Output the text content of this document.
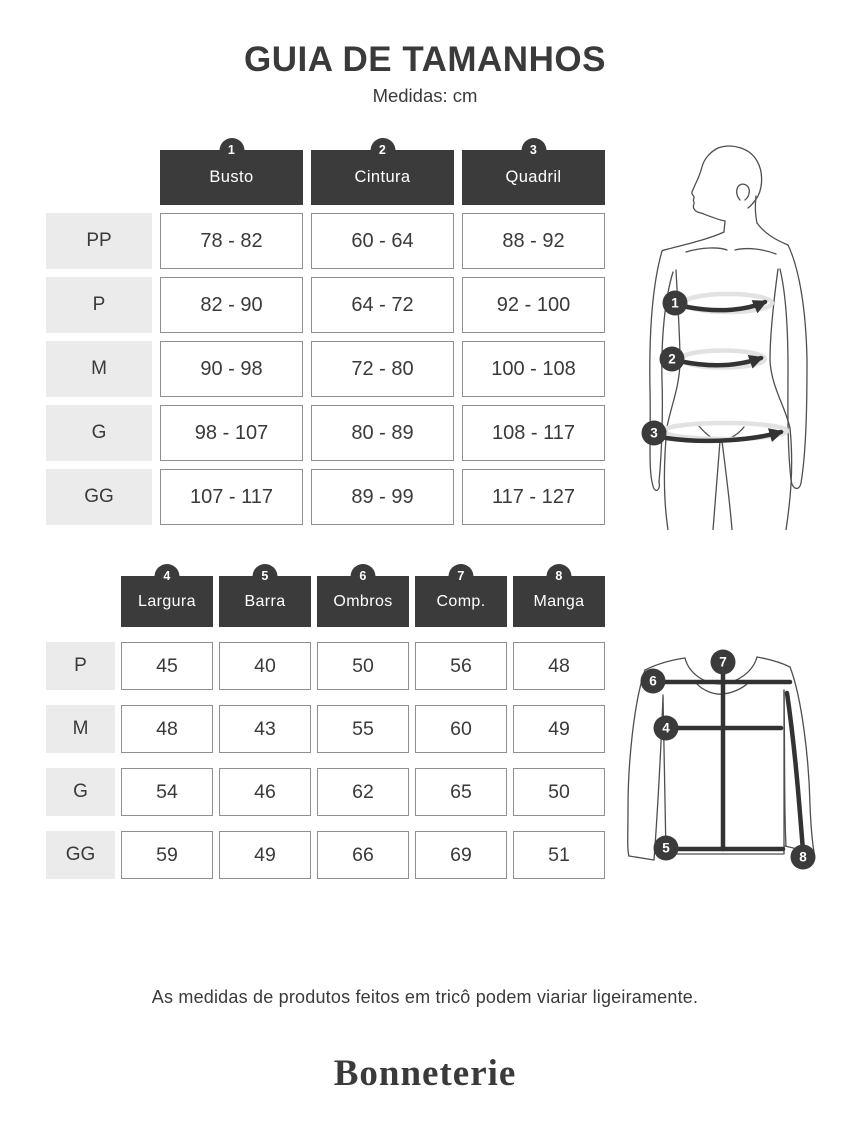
GUIA DE TAMANHOS
Medidas: cm
1
Busto
2
Cintura
3
Quadril
PP	78 - 82	60 - 64	88 - 92
P	82 - 90	64 - 72	92 - 100
M	90 - 98	72 - 80	100 - 108
G	98 - 107	80 - 89	108 - 117
GG	107 - 117	89 - 99	117 - 127
1
2
3
4
Largura
5
Barra
6
Ombros
7
Comp.
8
Manga
P	45	40	50	56	48
M	48	43	55	60	49
G	54	46	62	65	50
GG	59	49	66	69	51
4
5
6
7
8
As medidas de produtos feitos em tricô podem viariar ligeiramente.
Bonneterie
